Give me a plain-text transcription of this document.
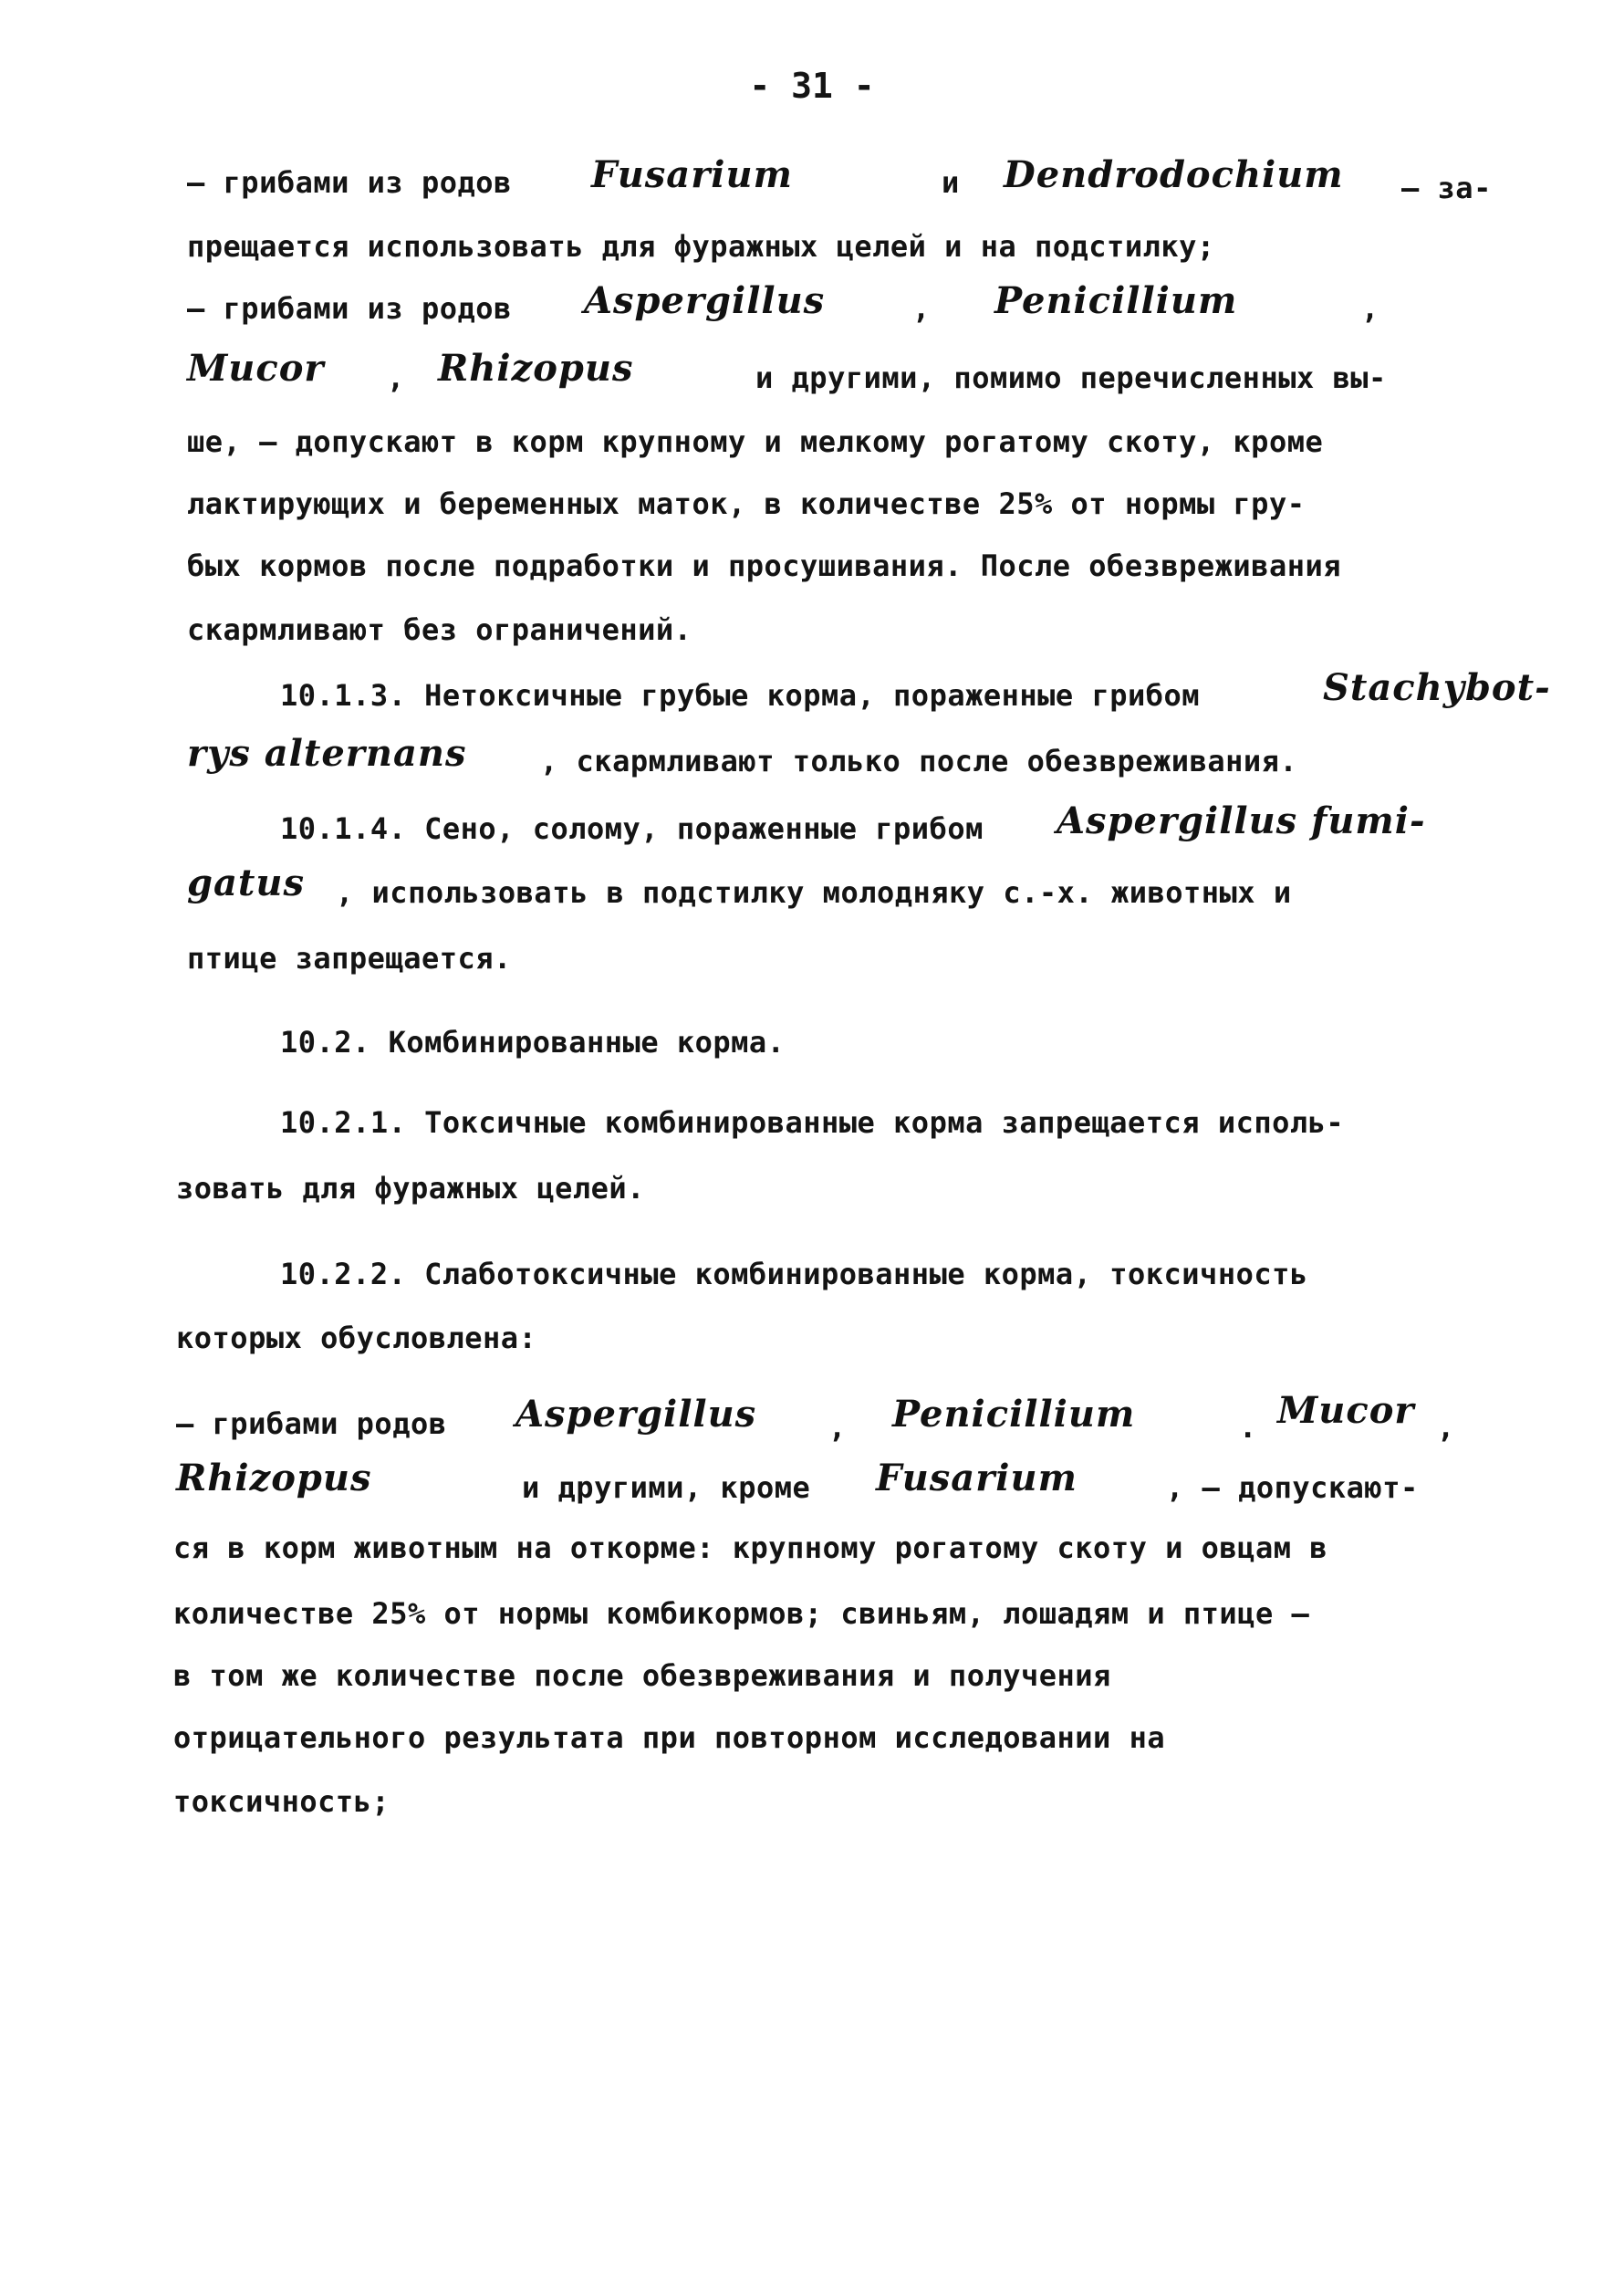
- 31 -
– грибами из родов Fusarium	и Dendrodochium – за-
прещается использовать для фуражных целей и на подстилку;
– грибами из родов Aspergillus	, Penicillium	,
Mucor , Rhizopus	и другими, помимо перечисленных вы-
ше, – допускают в корм крупному и мелкому рогатому скоту, кроме
лактирующих и беременных маток, в количестве 25% от нормы гру-
бых кормов после подработки и просушивания. После обезвреживания
скармливают без ограничений.
10.1.3. Нетоксичные грубые корма, пораженные грибом	Stachybot-
rys alternans	, скармливают только после обезвреживания.
10.1.4. Сено, солому, пораженные грибом Aspergillus fumi-
gatus , использовать в подстилку молодняку с.-х. животных и
птице запрещается.
10.2. Комбинированные корма.
10.2.1. Токсичные комбинированные корма запрещается исполь-
зовать для фуражных целей.
10.2.2. Слаботоксичные комбинированные корма, токсичность
которых обусловлена:
– грибами родов Aspergillus , Penicillium	. Mucor ,
Rhizopus	и другими, кроме Fusarium	, – допускают-
ся в корм животным на откорме: крупному рогатому скоту и овцам в
количестве 25% от нормы комбикормов; свиньям, лошадям и птице –
в том же количестве после обезвреживания и получения
отрицательного результата при повторном исследовании на
токсичность;
